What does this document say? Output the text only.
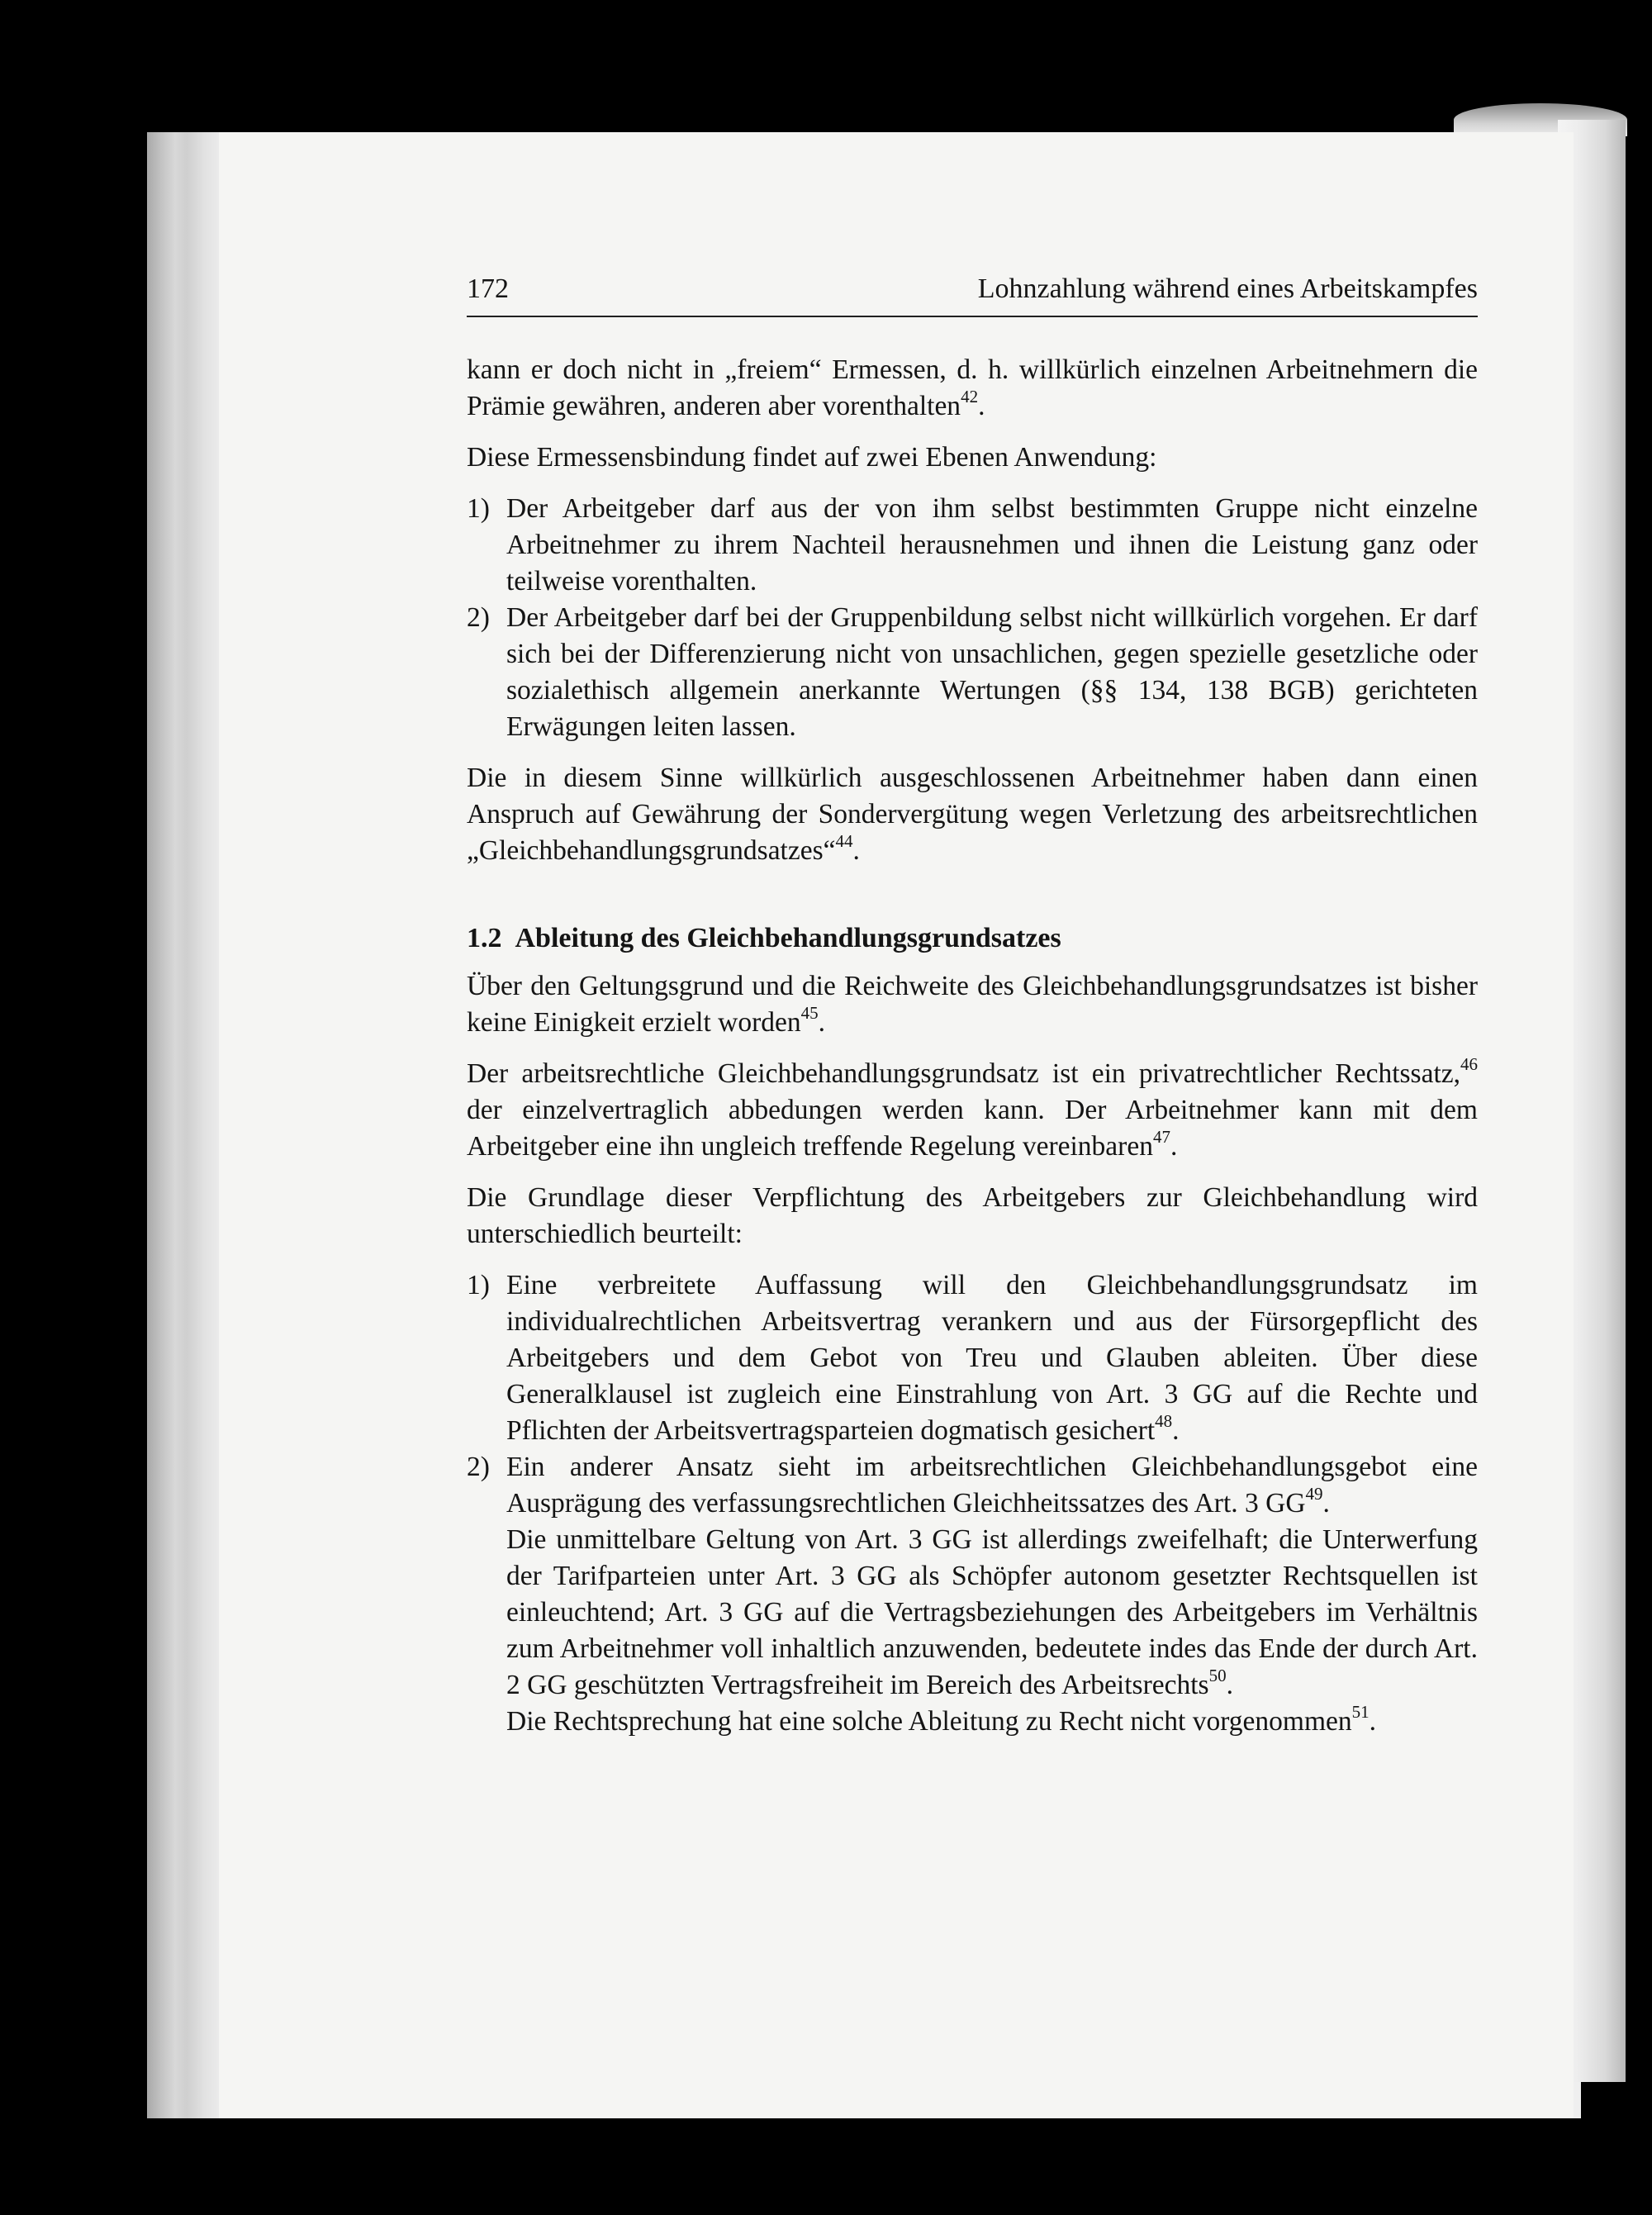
172	Lohnzahlung während eines Arbeitskampfes

kann er doch nicht in „freiem“ Ermessen, d. h. willkürlich einzelnen Arbeitnehmern die Prämie gewähren, anderen aber vorenthalten$^{42}$.

Diese Ermessensbindung findet auf zwei Ebenen Anwendung:

1) Der Arbeitgeber darf aus der von ihm selbst bestimmten Gruppe nicht einzelne Arbeitnehmer zu ihrem Nachteil herausnehmen und ihnen die Leistung ganz oder teilweise vorenthalten.
2) Der Arbeitgeber darf bei der Gruppenbildung selbst nicht willkürlich vorgehen. Er darf sich bei der Differenzierung nicht von unsachlichen, gegen spezielle gesetzliche oder sozialethisch allgemein anerkannte Wertungen (§§ 134, 138 BGB) gerichteten Erwägungen leiten lassen.

Die in diesem Sinne willkürlich ausgeschlossenen Arbeitnehmer haben dann einen Anspruch auf Gewährung der Sondervergütung wegen Verletzung des arbeitsrechtlichen „Gleichbehandlungsgrundsatzes“$^{44}$.

1.2 Ableitung des Gleichbehandlungsgrundsatzes

Über den Geltungsgrund und die Reichweite des Gleichbehandlungsgrundsatzes ist bisher keine Einigkeit erzielt worden$^{45}$.

Der arbeitsrechtliche Gleichbehandlungsgrundsatz ist ein privatrechtlicher Rechtssatz,$^{46}$ der einzelvertraglich abbedungen werden kann. Der Arbeitnehmer kann mit dem Arbeitgeber eine ihn ungleich treffende Regelung vereinbaren$^{47}$.

Die Grundlage dieser Verpflichtung des Arbeitgebers zur Gleichbehandlung wird unterschiedlich beurteilt:

1) Eine verbreitete Auffassung will den Gleichbehandlungsgrundsatz im individualrechtlichen Arbeitsvertrag verankern und aus der Fürsorgepflicht des Arbeitgebers und dem Gebot von Treu und Glauben ableiten. Über diese Generalklausel ist zugleich eine Einstrahlung von Art. 3 GG auf die Rechte und Pflichten der Arbeitsvertragsparteien dogmatisch gesichert$^{48}$.
2) Ein anderer Ansatz sieht im arbeitsrechtlichen Gleichbehandlungsgebot eine Ausprägung des verfassungsrechtlichen Gleichheitssatzes des Art. 3 GG$^{49}$.

Die unmittelbare Geltung von Art. 3 GG ist allerdings zweifelhaft; die Unterwerfung der Tarifparteien unter Art. 3 GG als Schöpfer autonom gesetzter Rechtsquellen ist einleuchtend; Art. 3 GG auf die Vertragsbeziehungen des Arbeitgebers im Verhältnis zum Arbeitnehmer voll inhaltlich anzuwenden, bedeutete indes das Ende der durch Art. 2 GG geschützten Vertragsfreiheit im Bereich des Arbeitsrechts$^{50}$.

Die Rechtsprechung hat eine solche Ableitung zu Recht nicht vorgenommen$^{51}$.
